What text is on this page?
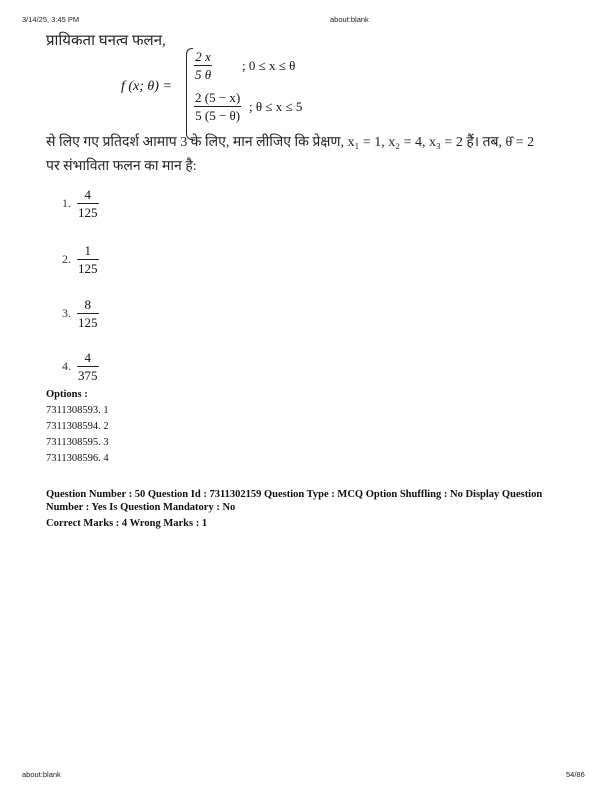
3/14/25, 3:45 PM	about:blank
प्रायिकता घनत्व फलन,
f (x; θ) =
$\frac{2 x}{5 \theta}$ ; 0 ≤ x ≤ θ
$\frac{2 (5 - x)}{5 (5 - \theta)}$ ; θ ≤ x ≤ 5
से लिए गए प्रतिदर्श आमाप 3 के लिए, मान लीजिए कि प्रेक्षण, x₁ = 1, x₂ = 4, x₃ = 2 हैं। तब, θ̂ = 2
पर संभाविता फलन का मान है:
1. $\frac{4}{125}$
2. $\frac{1}{125}$
3. $\frac{8}{125}$
4. $\frac{4}{375}$
Options :
7311308593. 1
7311308594. 2
7311308595. 3
7311308596. 4
Question Number : 50 Question Id : 7311302159 Question Type : MCQ Option Shuffling : No Display Question Number : Yes Is Question Mandatory : No
Correct Marks : 4 Wrong Marks : 1
about:blank	54/86
